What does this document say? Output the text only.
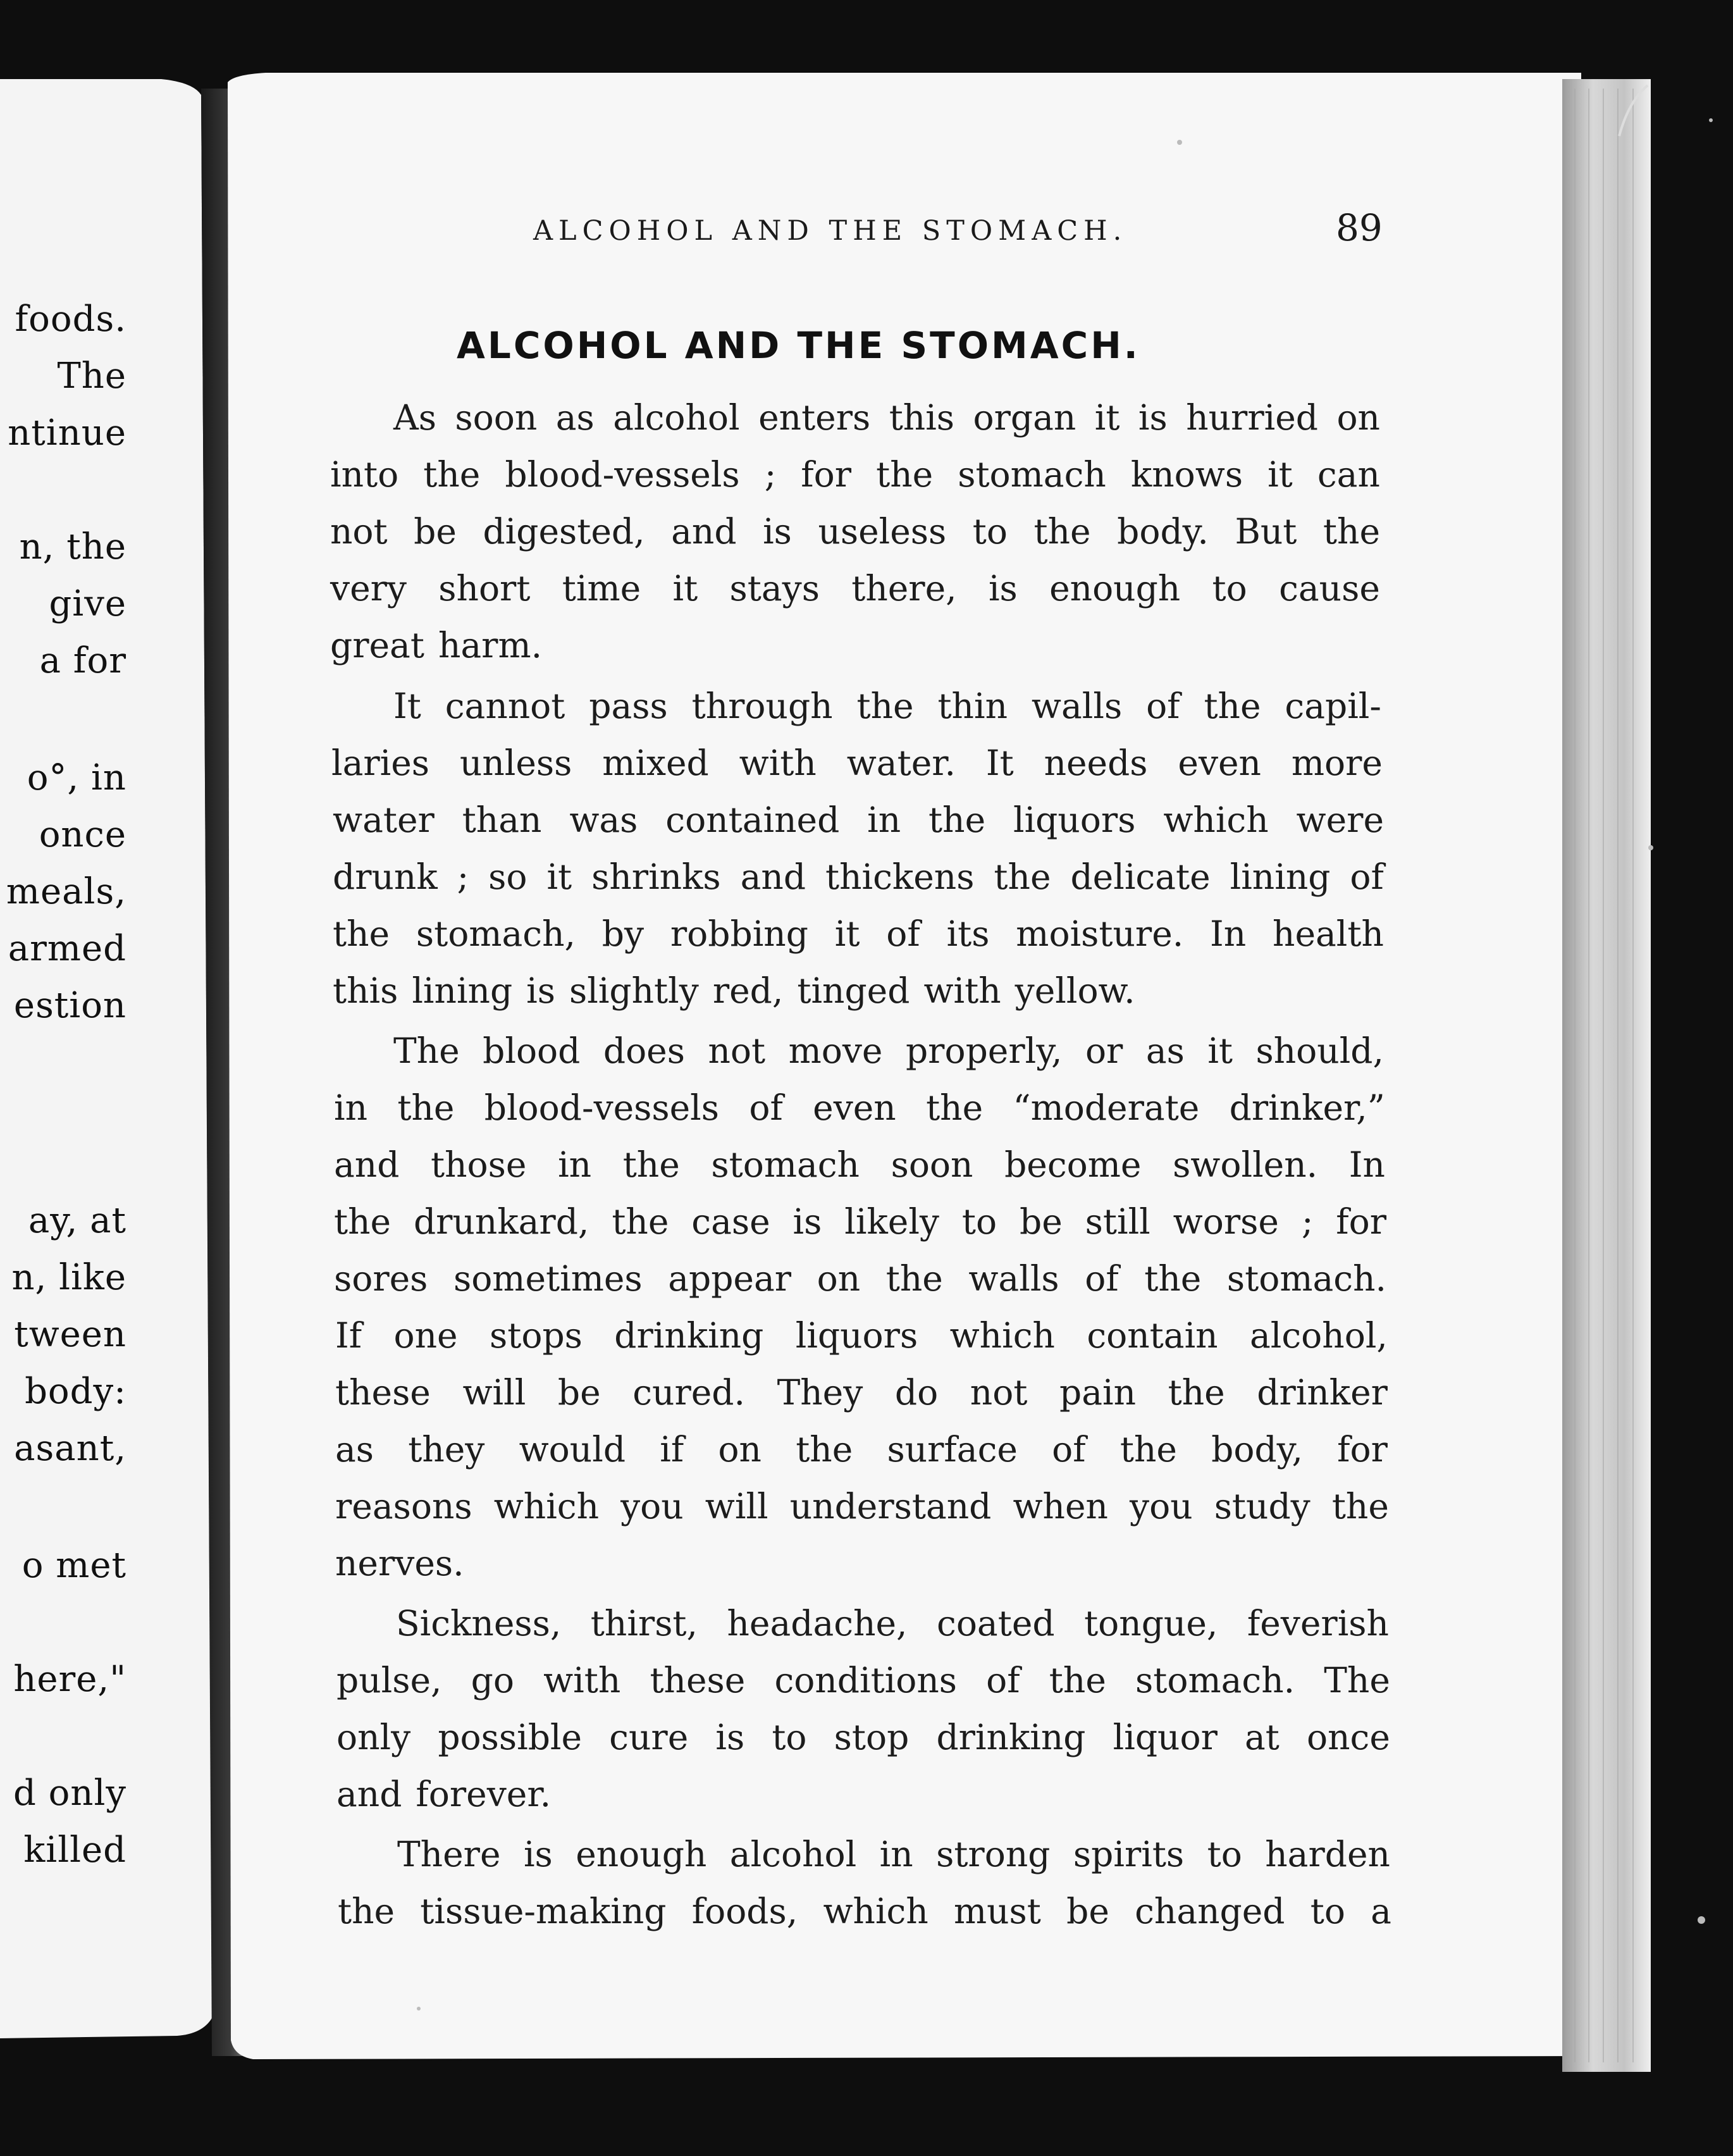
foods.
The
ntinue
n, the
give
a for
o°, in
once
meals,
armed
estion
ay, at
n, like
tween
body:
asant,
o met
here,"
d only
killed
ALCOHOL AND THE STOMACH.	89
ALCOHOL AND THE STOMACH.
As soon as alcohol enters this organ it is hurried on
into the blood-vessels ; for the stomach knows it can
not be digested, and is useless to the body. But the
very short time it stays there, is enough to cause
great harm.
It cannot pass through the thin walls of the capil-
laries unless mixed with water. It needs even more
water than was contained in the liquors which were
drunk ; so it shrinks and thickens the delicate lining of
the stomach, by robbing it of its moisture. In health
this lining is slightly red, tinged with yellow.
The blood does not move properly, or as it should,
in the blood-vessels of even the “moderate drinker,”
and those in the stomach soon become swollen. In
the drunkard, the case is likely to be still worse ; for
sores sometimes appear on the walls of the stomach.
If one stops drinking liquors which contain alcohol,
these will be cured. They do not pain the drinker
as they would if on the surface of the body, for
reasons which you will understand when you study the
nerves.
Sickness, thirst, headache, coated tongue, feverish
pulse, go with these conditions of the stomach. The
only possible cure is to stop drinking liquor at once
and forever.
There is enough alcohol in strong spirits to harden
the tissue-making foods, which must be changed to a
